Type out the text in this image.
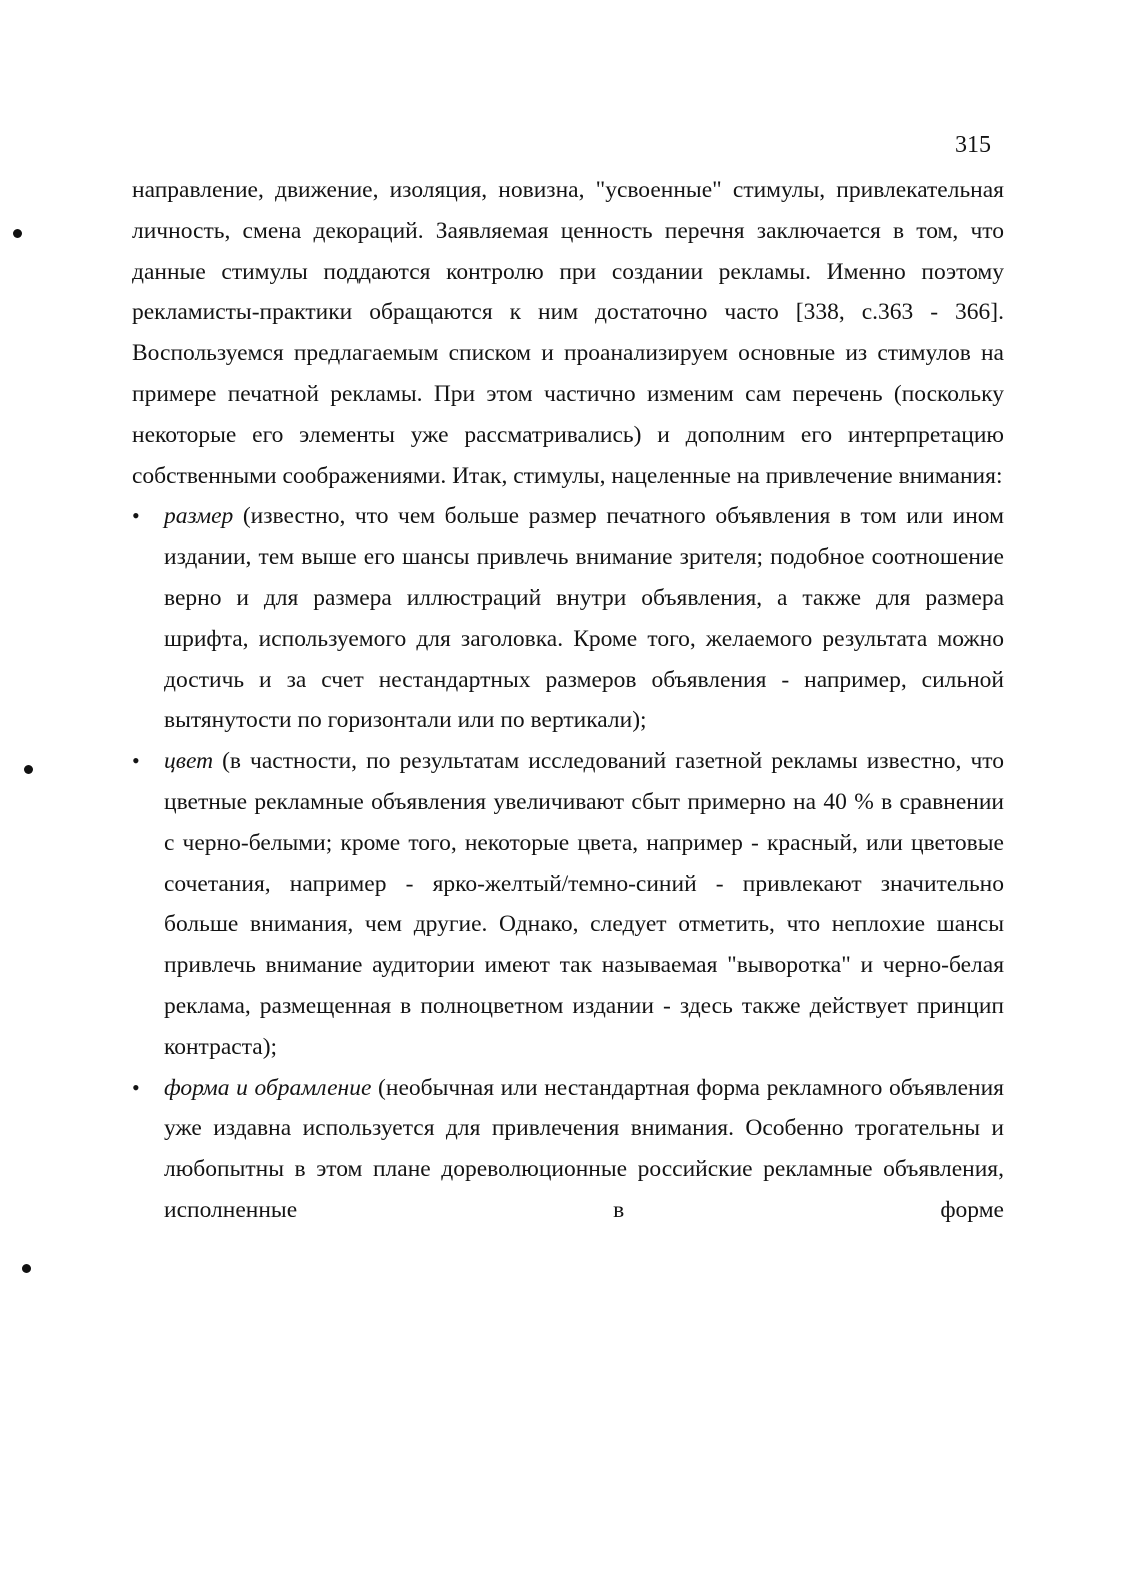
315

направление, движение, изоляция, новизна, "усвоенные" стимулы, привлекательная личность, смена декораций. Заявляемая ценность перечня заключается в том, что данные стимулы поддаются контролю при создании рекламы. Именно поэтому рекламисты-практики обращаются к ним достаточно часто [338, с.363 - 366]. Воспользуемся предлагаемым списком и проанализируем основные из стимулов на примере печатной рекламы. При этом частично изменим сам перечень (поскольку некоторые его элементы уже рассматривались) и дополним его интерпретацию собственными соображениями. Итак, стимулы, нацеленные на привлечение внимания:

• размер (известно, что чем больше размер печатного объявления в том или ином издании, тем выше его шансы привлечь внимание зрителя; подобное соотношение верно и для размера иллюстраций внутри объявления, а также для размера шрифта, используемого для заголовка. Кроме того, желаемого результата можно достичь и за счет нестандартных размеров объявления - например, сильной вытянутости по горизонтали или по вертикали);
• цвет (в частности, по результатам исследований газетной рекламы известно, что цветные рекламные объявления увеличивают сбыт примерно на 40 % в сравнении с черно-белыми; кроме того, некоторые цвета, например - красный, или цветовые сочетания, например - ярко-желтый/темно-синий - привлекают значительно больше внимания, чем другие. Однако, следует отметить, что неплохие шансы привлечь внимание аудитории имеют так называемая "выворотка" и черно-белая реклама, размещенная в полноцветном издании - здесь также действует принцип контраста);
• форма и обрамление (необычная или нестандартная форма рекламного объявления уже издавна используется для привлечения внимания. Особенно трогательны и любопытны в этом плане дореволюционные российские рекламные объявления, исполненные в форме
